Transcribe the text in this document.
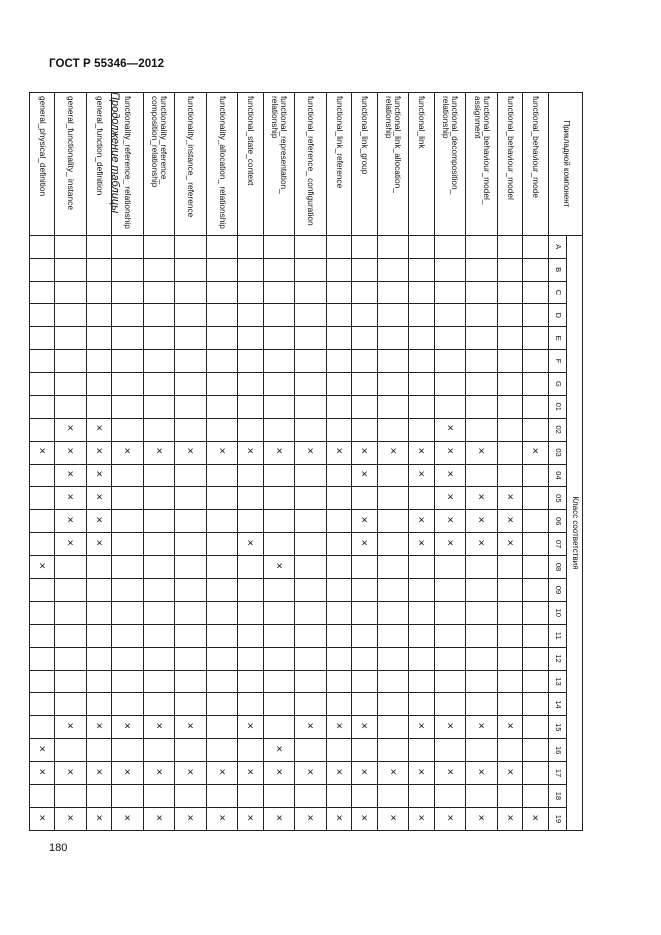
ГОСТ Р 55346—2012
Прикладной компонент	Класс соответствия																									
	A	B	C	D	E	F	G	01	02	03	04	05	06	07	08	09	10	11	12	13	14	15	16	17	18	19
functional_behaviour_mode										×																×
functional_behaviour_model												×	×	×								×		×		×
functional_behaviour_model_ assignment										×		×	×	×								×		×		×
functional_decomposition_ relationship									×	×	×	×	×	×								×		×		×
functional_link										×	×		×	×								×		×		×
functional_link_allocation_ relationship										×														×		×
functional_link_group										×	×		×	×								×		×		×
functional_link_reference										×												×		×		×
functional_reference_ configuration										×												×		×		×
functional_representation_ relationship										×					×								×	×		×
functional_state_context										×				×								×		×		×
functionality_allocation_ relationship										×														×		×
functionality_instance_ reference										×												×		×		×
functionality_reference_ composition_relationship										×												×		×		×
functionality_reference_ relationship										×												×		×		×
general_function_definition									×	×	×	×	×	×								×		×		×
general_functionality_ instance									×	×	×	×	×	×								×		×		×
general_physical_definition										×					×								×	×		×
Продолжение таблицы
180
